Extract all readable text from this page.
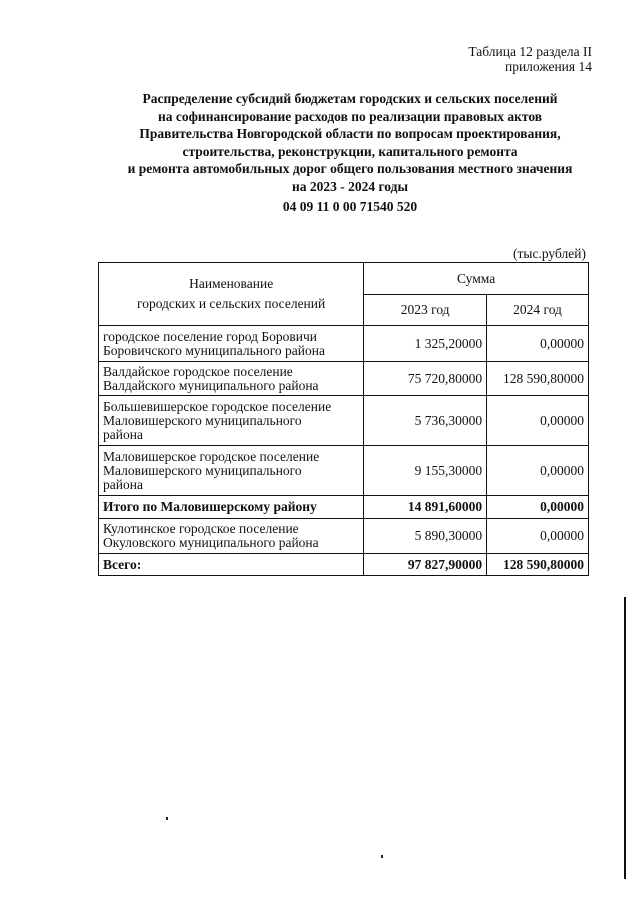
Таблица 12 раздела II
приложения 14
Распределение субсидий бюджетам городских и сельских поселений
на софинансирование расходов по реализации правовых актов
Правительства Новгородской области по вопросам проектирования,
строительства, реконструкции, капитального ремонта
и ремонта автомобильных дорог общего пользования местного значения
на 2023 - 2024 годы
04 09 11 0 00 71540 520
(тыс.рублей)
Наименование
городских и сельских поселений	Сумма	
	2023 год	2024 год

городское поселение город Боровичи
Боровичского муниципального района	1 325,20000	0,00000

Валдайское городское поселение
Валдайского муниципального района	75 720,80000	128 590,80000

Большевишерское городское поселение
Маловишерского муниципального
района	5 736,30000	0,00000

Маловишерское городское поселение
Маловишерского муниципального
района	9 155,30000	0,00000

Итого по Маловишерскому району	14 891,60000	0,00000

Кулотинское городское поселение
Окуловского муниципального района	5 890,30000	0,00000

Всего:	97 827,90000	128 590,80000
